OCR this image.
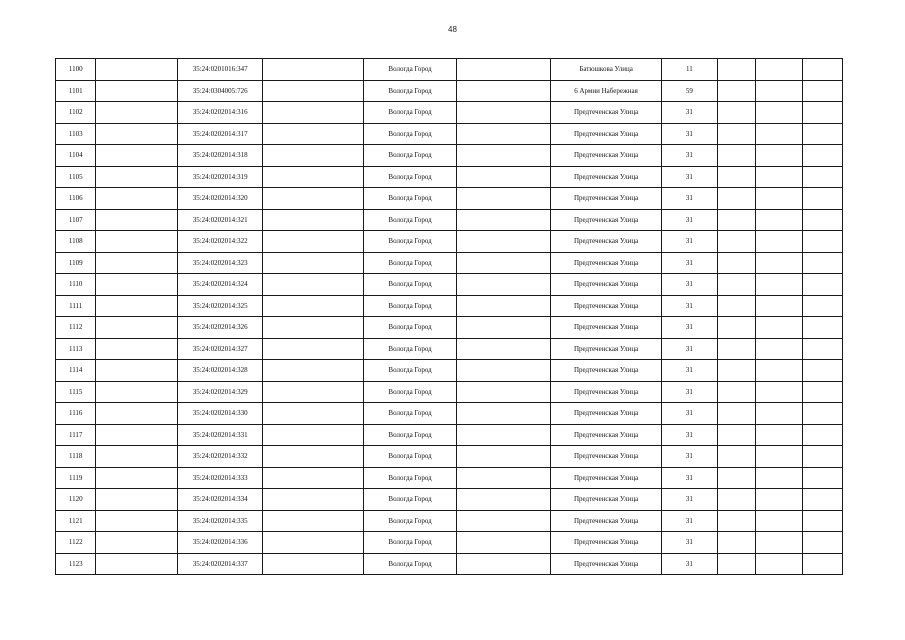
48
1100		35:24:0201016:347		Вологда Город		Батюшкова Улица	11			
1101		35:24:0304005:726		Вологда Город		6 Армии Набережная	59			
1102		35:24:0202014:316		Вологда Город		Предтеченская Улица	31			
1103		35:24:0202014:317		Вологда Город		Предтеченская Улица	31			
1104		35:24:0202014:318		Вологда Город		Предтеченская Улица	31			
1105		35:24:0202014:319		Вологда Город		Предтеченская Улица	31			
1106		35:24:0202014:320		Вологда Город		Предтеченская Улица	31			
1107		35:24:0202014:321		Вологда Город		Предтеченская Улица	31			
1108		35:24:0202014:322		Вологда Город		Предтеченская Улица	31			
1109		35:24:0202014:323		Вологда Город		Предтеченская Улица	31			
1110		35:24:0202014:324		Вологда Город		Предтеченская Улица	31			
1111		35:24:0202014:325		Вологда Город		Предтеченская Улица	31			
1112		35:24:0202014:326		Вологда Город		Предтеченская Улица	31			
1113		35:24:0202014:327		Вологда Город		Предтеченская Улица	31			
1114		35:24:0202014:328		Вологда Город		Предтеченская Улица	31			
1115		35:24:0202014:329		Вологда Город		Предтеченская Улица	31			
1116		35:24:0202014:330		Вологда Город		Предтеченская Улица	31			
1117		35:24:0202014:331		Вологда Город		Предтеченская Улица	31			
1118		35:24:0202014:332		Вологда Город		Предтеченская Улица	31			
1119		35:24:0202014:333		Вологда Город		Предтеченская Улица	31			
1120		35:24:0202014:334		Вологда Город		Предтеченская Улица	31			
1121		35:24:0202014:335		Вологда Город		Предтеченская Улица	31			
1122		35:24:0202014:336		Вологда Город		Предтеченская Улица	31			
1123		35:24:0202014:337		Вологда Город		Предтеченская Улица	31			
